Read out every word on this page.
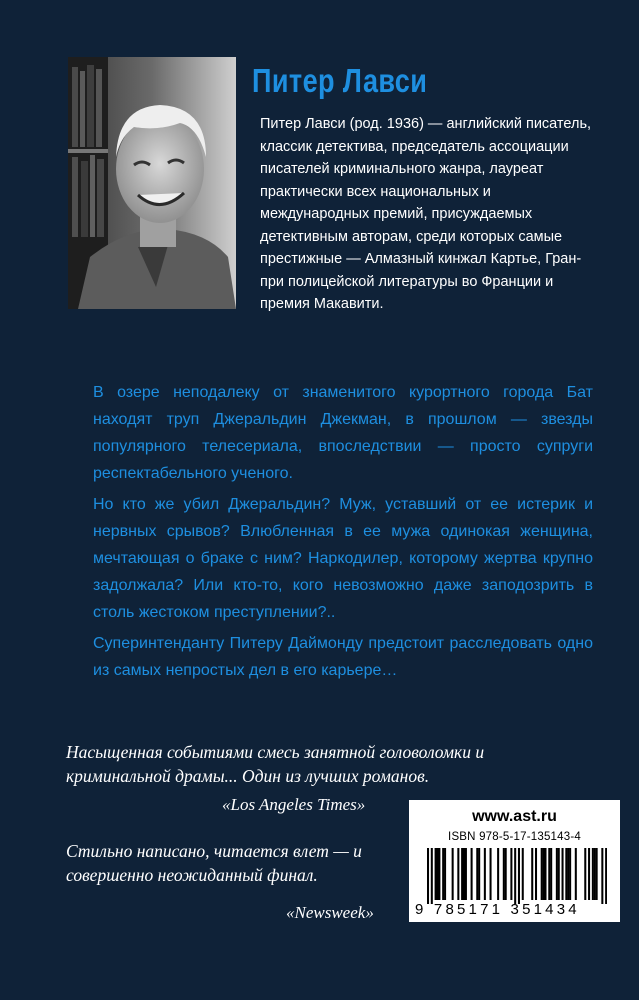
Питер Лавси

Питер Лавси (род. 1936) — английский писатель, классик детектива, председатель ассоциации писателей криминального жанра, лауреат практически всех национальных и международных премий, присуждаемых детективным авторам, среди которых самые престижные — Алмазный кинжал Картье, Гран-при полицейской литературы во Франции и премия Макавити.

В озере неподалеку от знаменитого курортного города Бат находят труп Джеральдин Джекман, в прошлом — звезды популярного телесериала, впоследствии — просто супруги респектабельного ученого.

Но кто же убил Джеральдин? Муж, уставший от ее истерик и нервных срывов? Влюбленная в ее мужа одинокая женщина, мечтающая о браке с ним? Наркодилер, которому жертва крупно задолжала? Или кто-то, кого невозможно даже заподозрить в столь жестоком преступлении?..

Суперинтенданту Питеру Даймонду предстоит расследовать одно из самых непростых дел в его карьере…

Насыщенная событиями смесь занятной головоломки и криминальной драмы... Один из лучших романов.

«Los Angeles Times»

Стильно написано, читается влет — и совершенно неожиданный финал.

«Newsweek»
www.ast.ru
ISBN 978-5-17-135143-4
9 785171 351434
